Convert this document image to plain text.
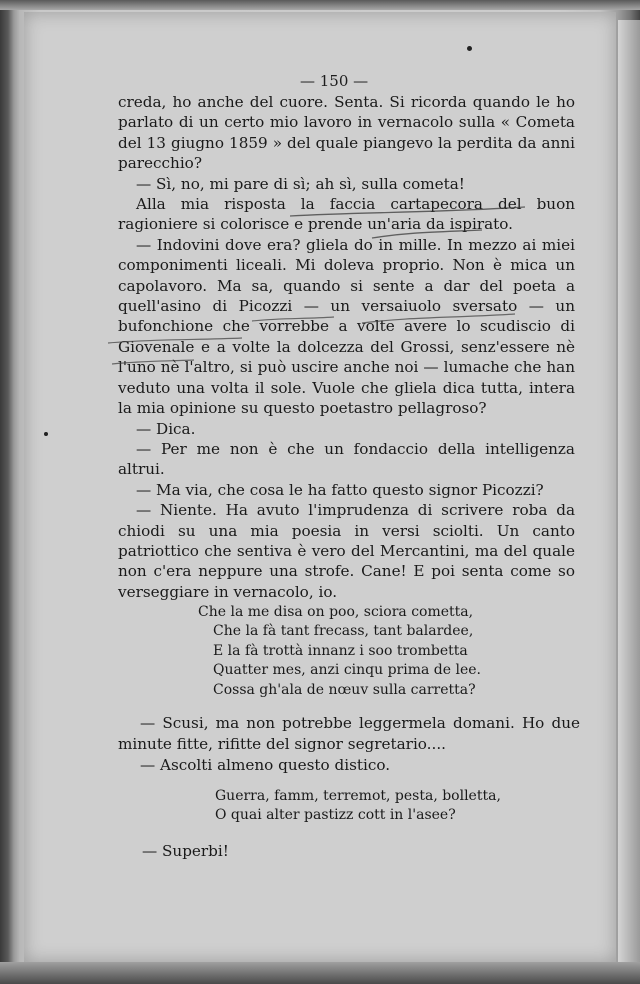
— 150 —

creda, ho anche del cuore. Senta. Si ricorda quando le ho parlato di un certo mio lavoro in vernacolo sulla « Cometa del 13 giugno 1859 » del quale piangevo la perdita da anni parecchio?

— Sì, no, mi pare di sì; ah sì, sulla cometa!

Alla mia risposta la faccia cartapecora del buon ragioniere si colorisce e prende un'aria da ispirato.

— Indovini dove era? gliela do in mille. In mezzo ai miei componimenti liceali. Mi doleva proprio. Non è mica un capolavoro. Ma sa, quando si sente a dar del poeta a quell'asino di Picozzi — un versaiuolo sversato — un bufonchione che vorrebbe a volte avere lo scudiscio di Giovenale e a volte la dolcezza del Grossi, senz'essere nè l'uno nè l'altro, si può uscire anche noi — lumache che han veduto una volta il sole. Vuole che gliela dica tutta, intera la mia opinione su questo poetastro pellagroso?

— Dica.

— Per me non è che un fondaccio della intelligenza altrui.

— Ma via, che cosa le ha fatto questo signor Picozzi?

— Niente. Ha avuto l'imprudenza di scrivere roba da chiodi su una mia poesia in versi sciolti. Un canto patriottico che sentiva è vero del Mercantini, ma del quale non c'era neppure una strofe. Cane! E poi senta come so verseggiare in vernacolo, io.

Che la me disa on poo, sciora cometta,
Che la fà tant frecass, tant balardee,
E la fà trottà innanz i soo trombetta
Quatter mes, anzi cinqu prima de lee.
Cossa gh'ala de nœuv sulla carretta?

— Scusi, ma non potrebbe leggermela domani. Ho due minute fitte, rifitte del signor segretario....

— Ascolti almeno questo distico.

Guerra, famm, terremot, pesta, bolletta,
O quai alter pastizz cott in l'asee?
— Superbi!
